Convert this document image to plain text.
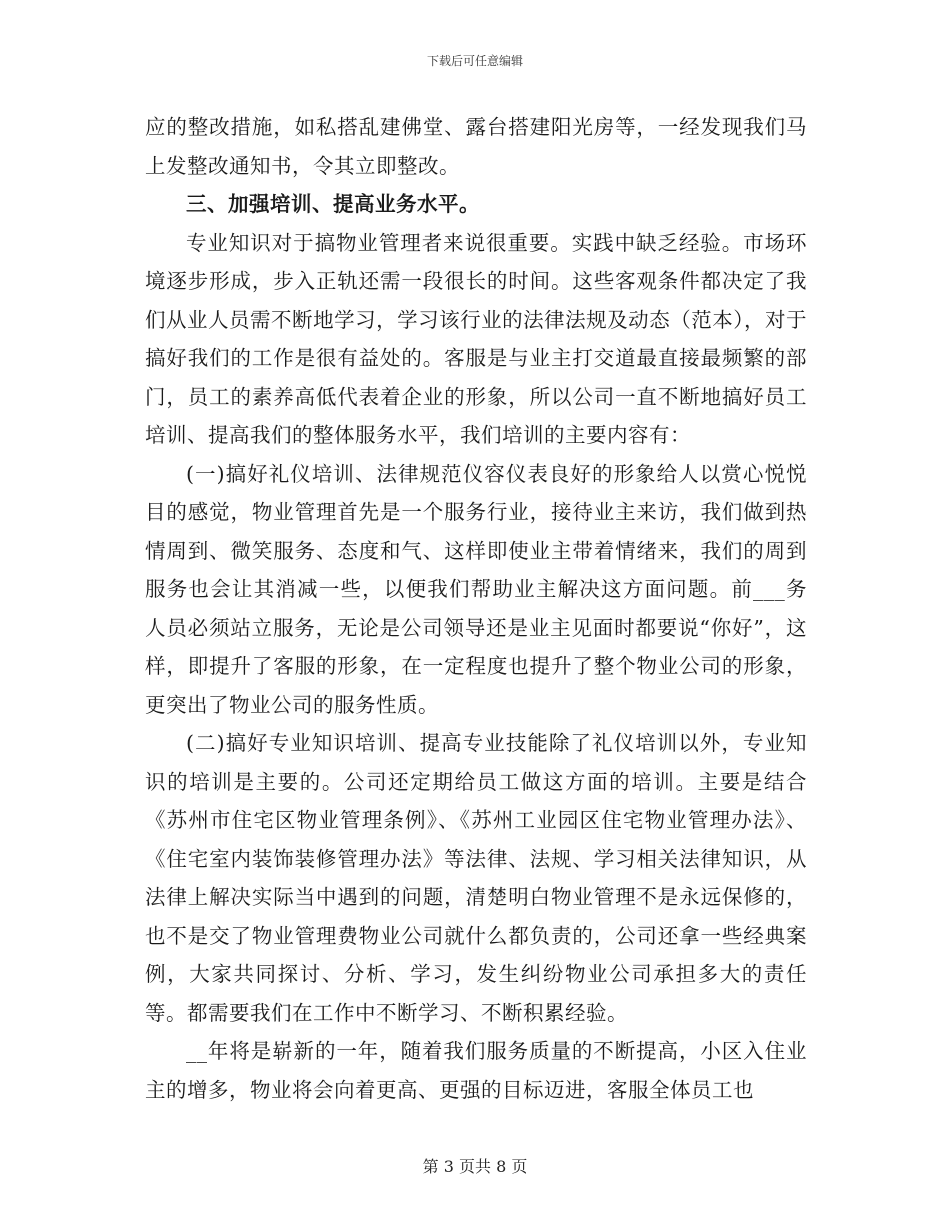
下载后可任意编辑

应的整改措施，如私搭乱建佛堂、露台搭建阳光房等，一经发现我们马上发整改通知书，令其立即整改。

三、加强培训、提高业务水平。

专业知识对于搞物业管理者来说很重要。实践中缺乏经验。市场环境逐步形成，步入正轨还需一段很长的时间。这些客观条件都决定了我们从业人员需不断地学习，学习该行业的法律法规及动态（范本），对于搞好我们的工作是很有益处的。客服是与业主打交道最直接最频繁的部门，员工的素养高低代表着企业的形象，所以公司一直不断地搞好员工培训、提高我们的整体服务水平，我们培训的主要内容有：

(一)搞好礼仪培训、法律规范仪容仪表良好的形象给人以赏心悦悦目的感觉，物业管理首先是一个服务行业，接待业主来访，我们做到热情周到、微笑服务、态度和气、这样即使业主带着情绪来，我们的周到服务也会让其消减一些，以便我们帮助业主解决这方面问题。前___务人员必须站立服务，无论是公司领导还是业主见面时都要说“你好”，这样，即提升了客服的形象，在一定程度也提升了整个物业公司的形象，更突出了物业公司的服务性质。

(二)搞好专业知识培训、提高专业技能除了礼仪培训以外，专业知识的培训是主要的。公司还定期给员工做这方面的培训。主要是结合《苏州市住宅区物业管理条例》、《苏州工业园区住宅物业管理办法》、《住宅室内装饰装修管理办法》等法律、法规、学习相关法律知识，从法律上解决实际当中遇到的问题，清楚明白物业管理不是永远保修的，也不是交了物业管理费物业公司就什么都负责的，公司还拿一些经典案例，大家共同探讨、分析、学习，发生纠纷物业公司承担多大的责任等。都需要我们在工作中不断学习、不断积累经验。

__年将是崭新的一年，随着我们服务质量的不断提高，小区入住业主的增多，物业将会向着更高、更强的目标迈进，客服全体员工也

第 3 页共 8 页
